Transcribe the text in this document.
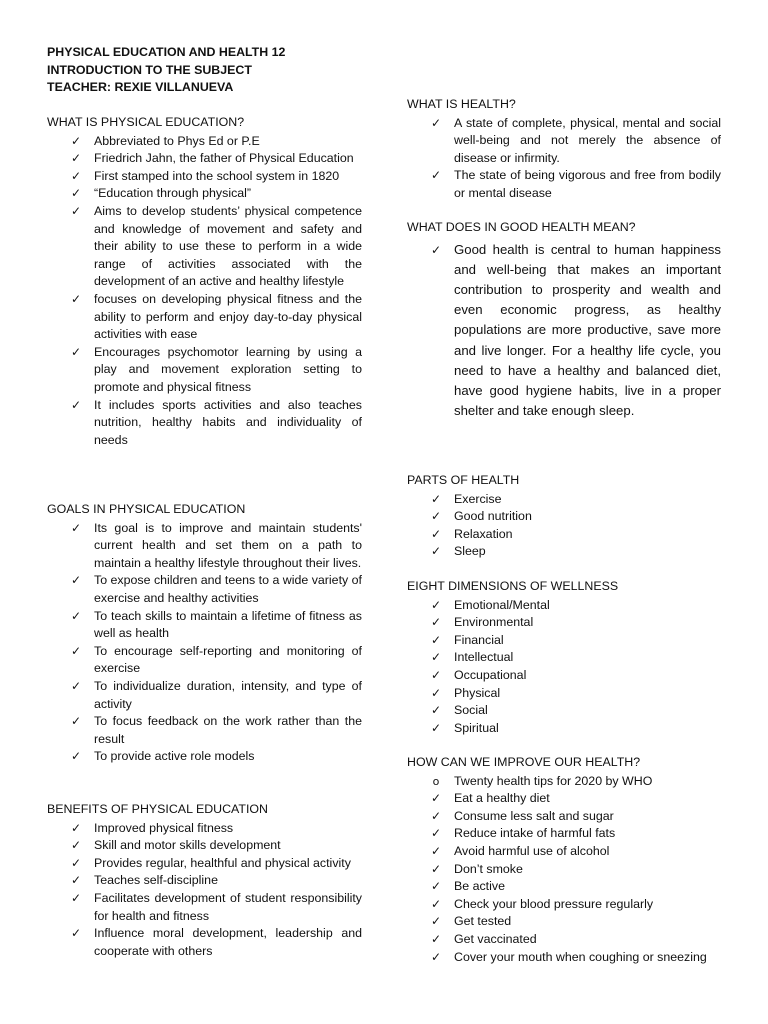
PHYSICAL EDUCATION AND HEALTH 12
INTRODUCTION TO THE SUBJECT
TEACHER: REXIE VILLANUEVA
WHAT IS PHYSICAL EDUCATION?
✓ Abbreviated to Phys Ed or P.E
✓ Friedrich Jahn, the father of Physical Education
✓ First stamped into the school system in 1820
✓ “Education through physical”
✓ Aims to develop students’ physical competence and knowledge of movement and safety and their ability to use these to perform in a wide range of activities associated with the development of an active and healthy lifestyle
✓ focuses on developing physical fitness and the ability to perform and enjoy day-to-day physical activities with ease
✓ Encourages psychomotor learning by using a play and movement exploration setting to promote and physical fitness
✓ It includes sports activities and also teaches nutrition, healthy habits and individuality of needs
GOALS IN PHYSICAL EDUCATION
✓ Its goal is to improve and maintain students' current health and set them on a path to maintain a healthy lifestyle throughout their lives.
✓ To expose children and teens to a wide variety of exercise and healthy activities
✓ To teach skills to maintain a lifetime of fitness as well as health
✓ To encourage self-reporting and monitoring of exercise
✓ To individualize duration, intensity, and type of activity
✓ To focus feedback on the work rather than the result
✓ To provide active role models
BENEFITS OF PHYSICAL EDUCATION
✓ Improved physical fitness
✓ Skill and motor skills development
✓ Provides regular, healthful and physical activity
✓ Teaches self-discipline
✓ Facilitates development of student responsibility for health and fitness
✓ Influence moral development, leadership and cooperate with others
WHAT IS HEALTH?
✓ A state of complete, physical, mental and social well-being and not merely the absence of disease or infirmity.
✓ The state of being vigorous and free from bodily or mental disease
WHAT DOES IN GOOD HEALTH MEAN?
✓ Good health is central to human happiness and well-being that makes an important contribution to prosperity and wealth and even economic progress, as healthy populations are more productive, save more and live longer. For a healthy life cycle, you need to have a healthy and balanced diet, have good hygiene habits, live in a proper shelter and take enough sleep.
PARTS OF HEALTH
✓ Exercise
✓ Good nutrition
✓ Relaxation
✓ Sleep
EIGHT DIMENSIONS OF WELLNESS
✓ Emotional/Mental
✓ Environmental
✓ Financial
✓ Intellectual
✓ Occupational
✓ Physical
✓ Social
✓ Spiritual
HOW CAN WE IMPROVE OUR HEALTH?
o Twenty health tips for 2020 by WHO
✓ Eat a healthy diet
✓ Consume less salt and sugar
✓ Reduce intake of harmful fats
✓ Avoid harmful use of alcohol
✓ Don’t smoke
✓ Be active
✓ Check your blood pressure regularly
✓ Get tested
✓ Get vaccinated
✓ Cover your mouth when coughing or sneezing
